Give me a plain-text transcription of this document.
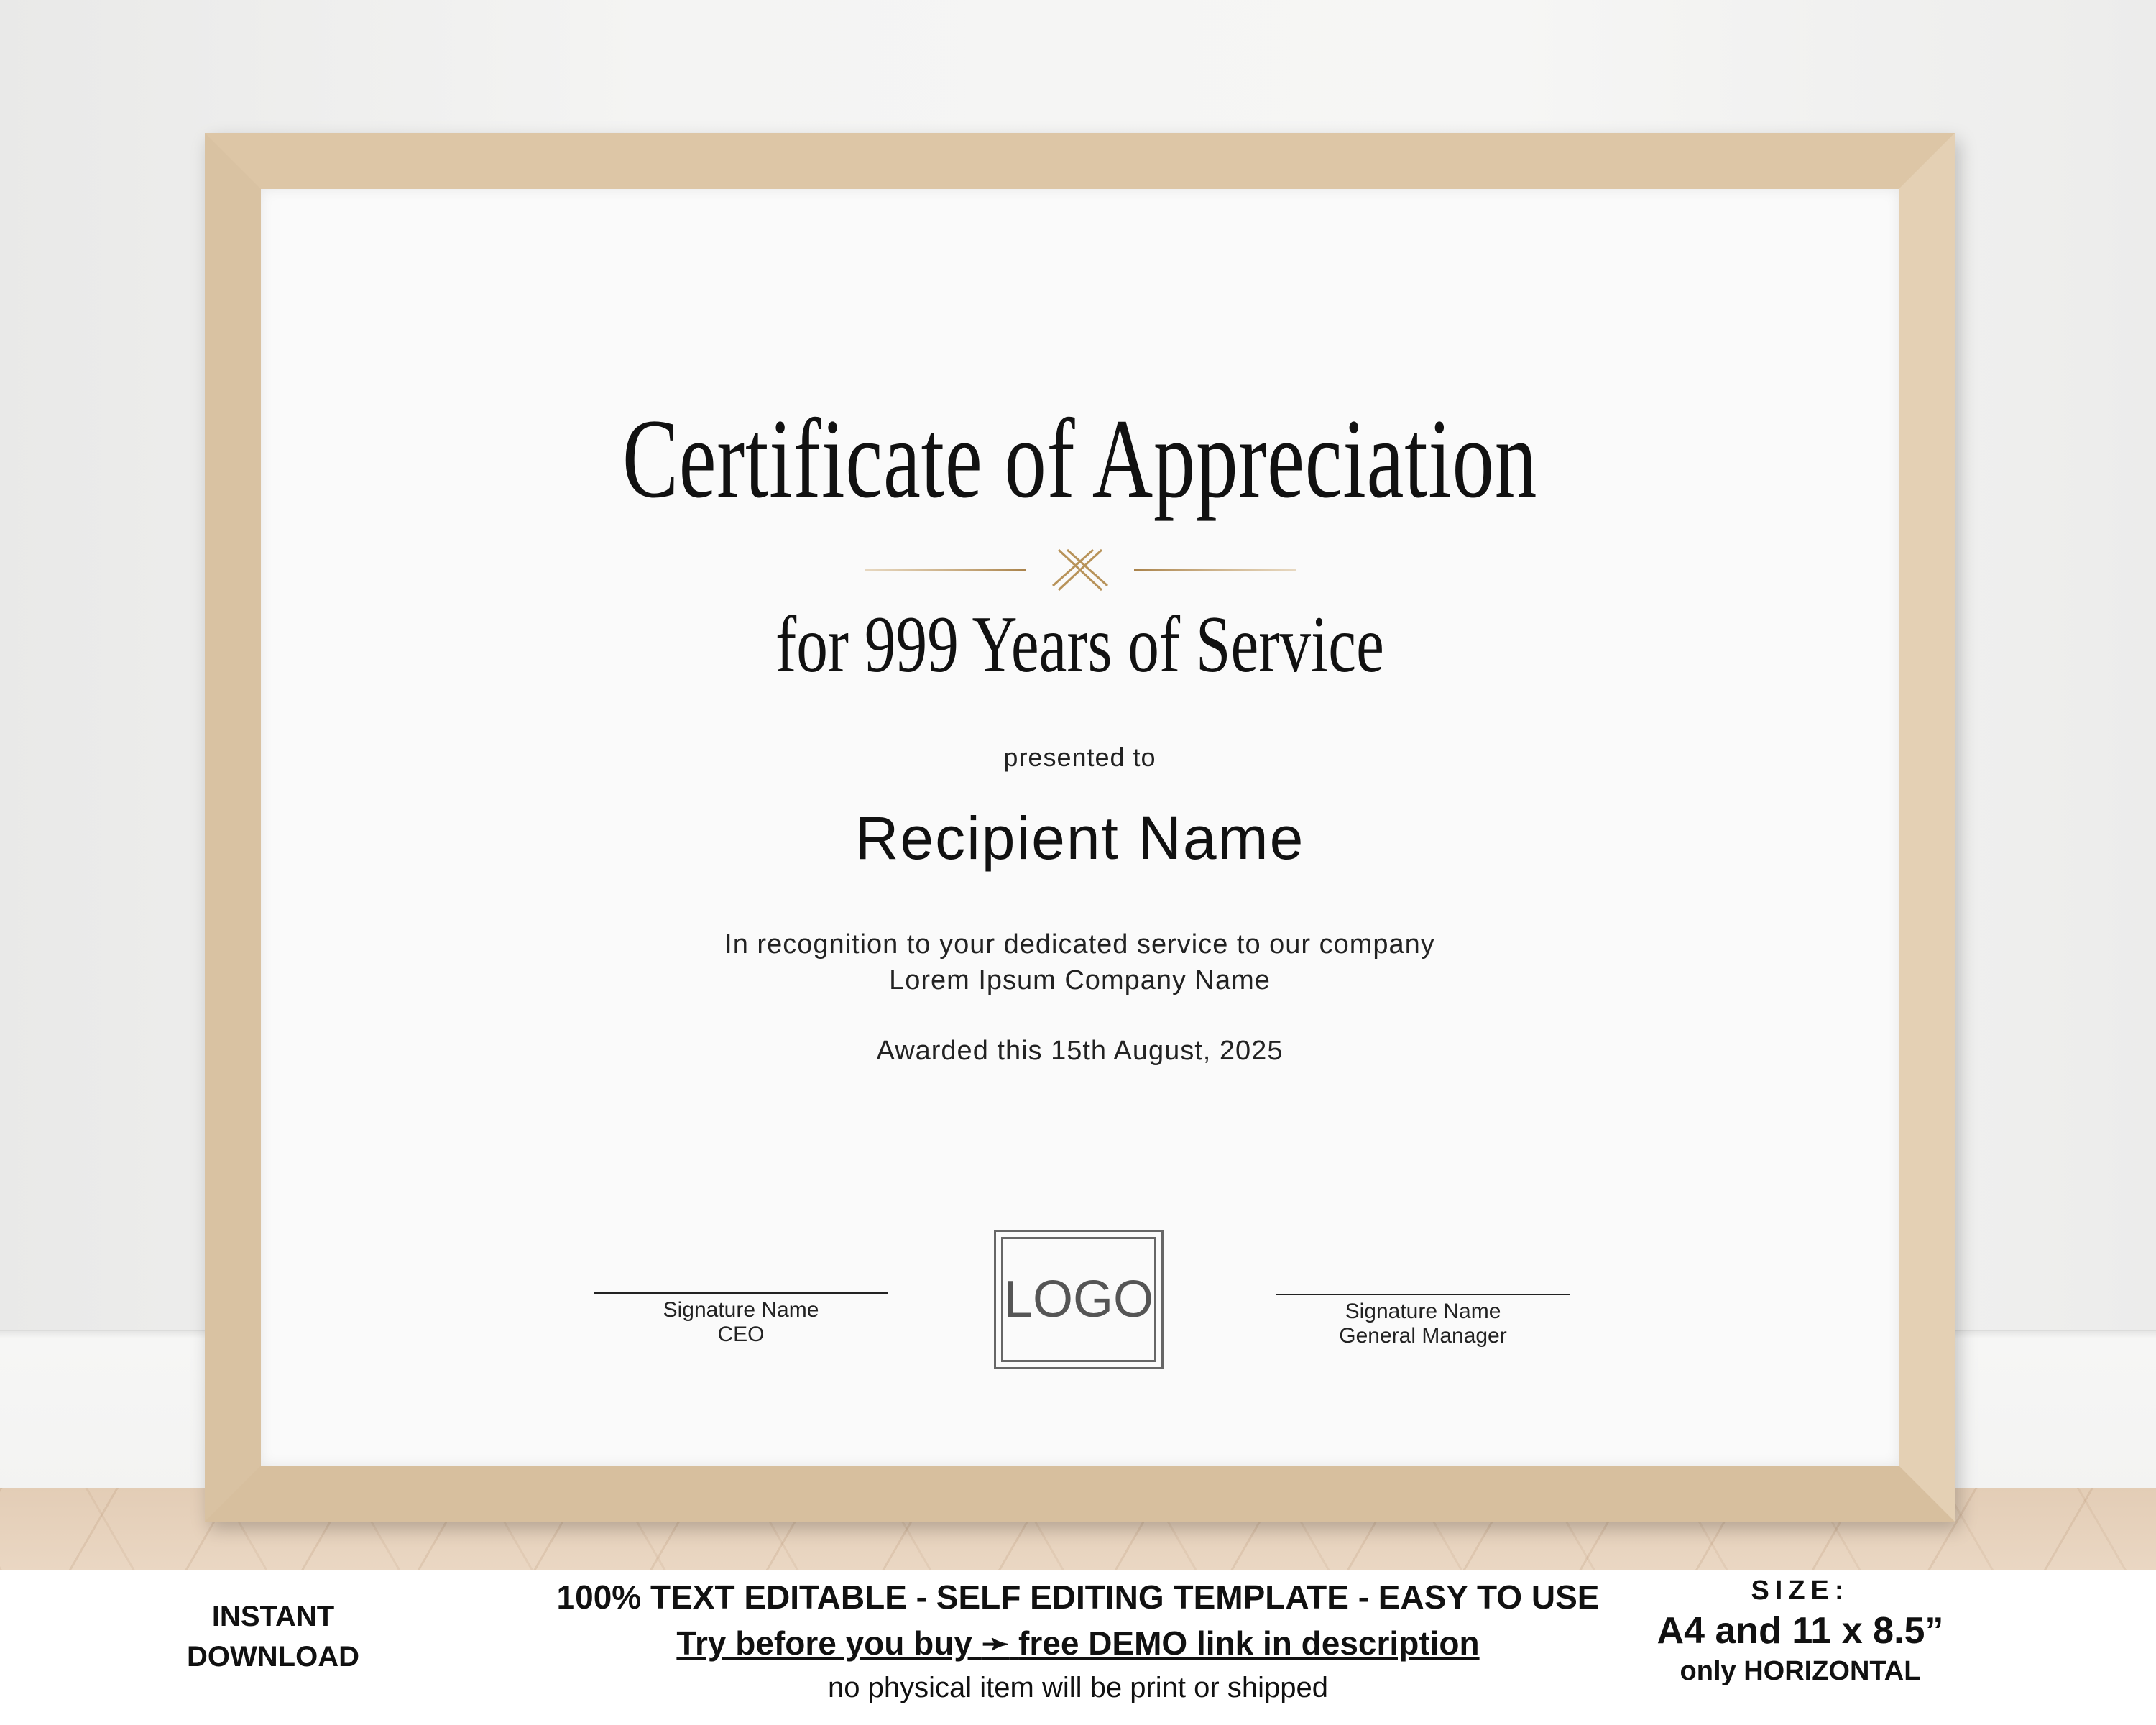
Certificate of Appreciation
for 999 Years of Service
presented to
Recipient Name
In recognition to your dedicated service to our company
Lorem Ipsum Company Name
Awarded this 15th August, 2025
Signature Name
CEO
LOGO	Signature Name
General Manager
INSTANT
DOWNLOAD
100% TEXT EDITABLE - SELF EDITING TEMPLATE - EASY TO USE
Try before you buy ➛ free DEMO link in description
no physical item will be print or shipped
SIZE:
A4 and 11 x 8.5”
only HORIZONTAL
